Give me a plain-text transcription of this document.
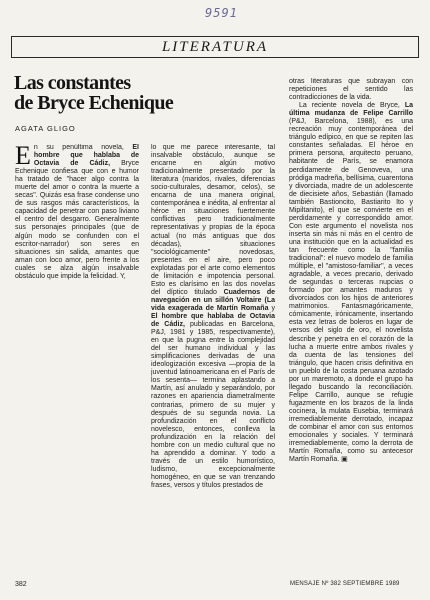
9591
LITERATURA
Las constantes
de Bryce Echenique
AGATA GLIGO

En su penúltima novela, El hombre que hablaba de Octavia de Cádiz, Bryce Echenique confiesa que con e humor ha tratado de "hacer algo contra la muerte del amor o contra la muerte a secas". Quizás esa frase condense uno de sus rasgos más característicos, la capacidad de penetrar con paso liviano el centro del desgarro. Generalmente sus personajes principales (que de algún modo se confunden con el escritor-narrador) son seres en situaciones sin salida, amantes que aman con loco amor, pero frente a los cuales se alza algún insalvable obstáculo que impide la felicidad. Y,

lo que me parece interesante, tal insalvable obstáculo, aunque se encarne en algún motivo tradicionalmente presentado por la literatura (maridos, rivales, diferencias socio-culturales, desamor, celos), se encarna de una manera original, contemporánea e inédita, al enfrentar al héroe en situaciones fuertemente conflictivas pero tradicionalmente representativas y propias de la época actual (no más antiguas que dos décadas), situaciones "sociológicamente" novedosas, presentes en el aire, pero poco explotadas por el arte como elementos de limitación e impotencia personal. Esto es clarísimo en las dos novelas del díptico titulado Cuadernos de navegación en un sillón Voltaire (La vida exagerada de Martín Romaña y El hombre que hablaba de Octavia de Cádiz, publicadas en Barcelona, P&J, 1981 y 1985, respectivamente), en que la pugna entre la complejidad del ser humano individual y las simplificaciones derivadas de una ideologización excesiva —propia de la juventud latinoamericana en el París de los sesenta— termina aplastando a Martín, así anulado y separándolo, por razones en apariencia diametralmente contrarias, primero de su mujer y después de su segunda novia. La profundización en el conflicto novelesco, entonces, conlleva la profundización en la relación del hombre con un medio cultural que no ha aprendido a dominar. Y todo a través de un estilo humorístico, ludismo, excepcionalmente homogéneo, en que se van trenzando frases, versos y títulos prestados de

otras literaturas que subrayan con repeticiones el sentido las contradicciones de la vida.

La reciente novela de Bryce, La última mudanza de Felipe Carrillo (P&J, Barcelona, 1988), es una recreación muy contemporánea del triángulo edípico, en que se repiten las constantes señaladas. El héroe en primera persona, arquitecto peruano, habitante de París, se enamora perdidamente de Genoveva, una pródiga madreña, bellísima, cuarentona y divorciada, madre de un adolescente de diecisiete años, Sebastián (llamado también Bastioncito, Bastiarito Ito y Mipiltanito), el que se convierte en el perdidamente y correspondido amor. Con este argumento el novelista nos inserta sin más ni más en el centro de una institución que en la actualidad es tan frecuente como la "familia tradicional": el nuevo modelo de familia múltiple, el "amistoso-familiar", a veces agradable, a veces precario, derivado de segundas o terceras nupcias o formado por amantes maduros y divorciados con los hijos de anteriores matrimonios. Fantasmagóricamente, cómicamente, irónicamente, insertando esta vez letras de boleros en lugar de versos del siglo de oro, el novelista describe y penetra en el corazón de la lucha a muerte entre ambos rivales y da cuenta de las tensiones del triángulo, que hacen crisis definitiva en un pueblo de la costa peruana azotado por un maremoto, a donde el grupo ha llegado buscando la reconciliación. Felipe Carrillo, aunque se refugie fugazmente en los brazos de la linda cocinera, la mulata Eusebia, terminará irremediablemente derrotado, incapaz de combinar el amor con sus entornos emocionales y sociales. Y terminará irremediablemente, como la derrota de Martín Romaña, como su antecesor Martín Romaña. ▣

382	MENSAJE Nº 382 SEPTIEMBRE 1989
